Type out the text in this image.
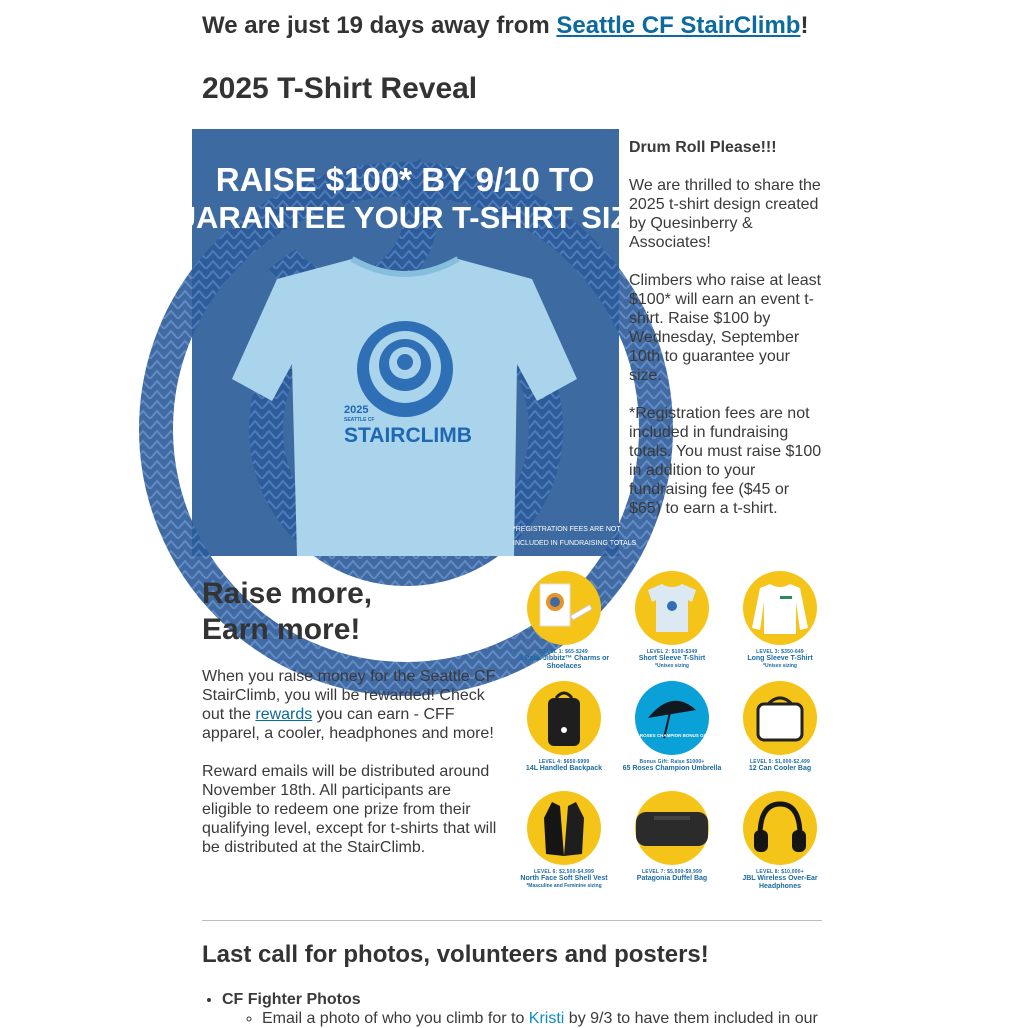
We are just 19 days away from Seattle CF StairClimb!
2025 T-Shirt Reveal
RAISE $100* BY 9/10 TO
GUARANTEE YOUR T-SHIRT SIZE!
2025
SEATTLE CF
STAIRCLIMB
*REGISTRATION FEES ARE NOT
INCLUDED IN FUNDRAISING TOTALS

Drum Roll Please!!!

We are thrilled to share the 2025 t-shirt design created by Quesinberry & Associates!

Climbers who raise at least $100* will earn an event t-shirt. Raise $100 by Wednesday, September 10th to guarantee your size.

*Registration fees are not included in fundraising totals. You must raise $100 in addition to your fundraising fee ($45 or $65) to earn a t-shirt.

Raise more,
Earn more!

When you raise money for the Seattle CF StairClimb, you will be rewarded! Check out the rewards you can earn - CFF apparel, a cooler, headphones and more!

Reward emails will be distributed around November 18th. All participants are eligible to redeem one prize from their qualifying level, except for t-shirts that will be distributed at the StairClimb.

LEVEL 1: $65-$249
2 Pack Jibbitz™ Charms or Shoelaces
LEVEL 2: $100-$349
Short Sleeve T-Shirt
*Unisex sizing
LEVEL 3: $350-649
Long Sleeve T-Shirt
*Unisex sizing
LEVEL 4: $650-$999
14L Handled Backpack
65 ROSES CHAMPION BONUS GIFT
Bonus Gift: Raise $1000+
65 Roses Champion Umbrella
LEVEL 5: $1,000-$2,499
12 Can Cooler Bag
LEVEL 6: $2,500-$4,999
North Face Soft Shell Vest
*Masculine and Feminine sizing
LEVEL 7: $5,000-$9,999
Patagonia Duffel Bag
LEVEL 8: $10,000+
JBL Wireless Over-Ear Headphones
Last call for photos, volunteers and posters!
• CF Fighter Photos
◦ Email a photo of who you climb for to Kristi by 9/3 to have them included in our
